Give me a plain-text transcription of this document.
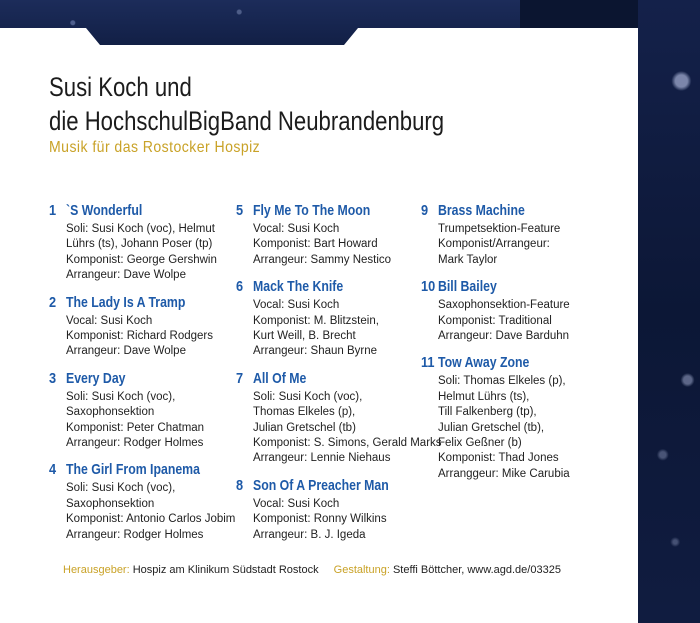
Susi Koch und
die HochschulBigBand Neubrandenburg
Musik für das Rostocker Hospiz
1 `S Wonderful
Soli: Susi Koch (voc), Helmut
Lührs (ts), Johann Poser (tp)
Komponist: George Gershwin
Arrangeur: Dave Wolpe
2 The Lady Is A Tramp
Vocal: Susi Koch
Komponist: Richard Rodgers
Arrangeur: Dave Wolpe
3 Every Day
Soli: Susi Koch (voc),
Saxophonsektion
Komponist: Peter Chatman
Arrangeur: Rodger Holmes
4 The Girl From Ipanema
Soli: Susi Koch (voc),
Saxophonsektion
Komponist: Antonio Carlos Jobim
Arrangeur: Rodger Holmes
5 Fly Me To The Moon
Vocal: Susi Koch
Komponist: Bart Howard
Arrangeur: Sammy Nestico
6 Mack The Knife
Vocal: Susi Koch
Komponist: M. Blitzstein,
Kurt Weill, B. Brecht
Arrangeur: Shaun Byrne
7 All Of Me
Soli: Susi Koch (voc),
Thomas Elkeles (p),
Julian Gretschel (tb)
Komponist: S. Simons, Gerald Marks
Arrangeur: Lennie Niehaus
8 Son Of A Preacher Man
Vocal: Susi Koch
Komponist: Ronny Wilkins
Arrangeur: B. J. Igeda
9 Brass Machine
Trumpetsektion-Feature
Komponist/Arrangeur:
Mark Taylor
10 Bill Bailey
Saxophonsektion-Feature
Komponist: Traditional
Arrangeur: Dave Barduhn
11 Tow Away Zone
Soli: Thomas Elkeles (p),
Helmut Lührs (ts),
Till Falkenberg (tp),
Julian Gretschel (tb),
Felix Geßner (b)
Komponist: Thad Jones
Arranggeur: Mike Carubia
Herausgeber: Hospiz am Klinikum Südstadt Rostock Gestaltung: Steffi Böttcher, www.agd.de/03325
